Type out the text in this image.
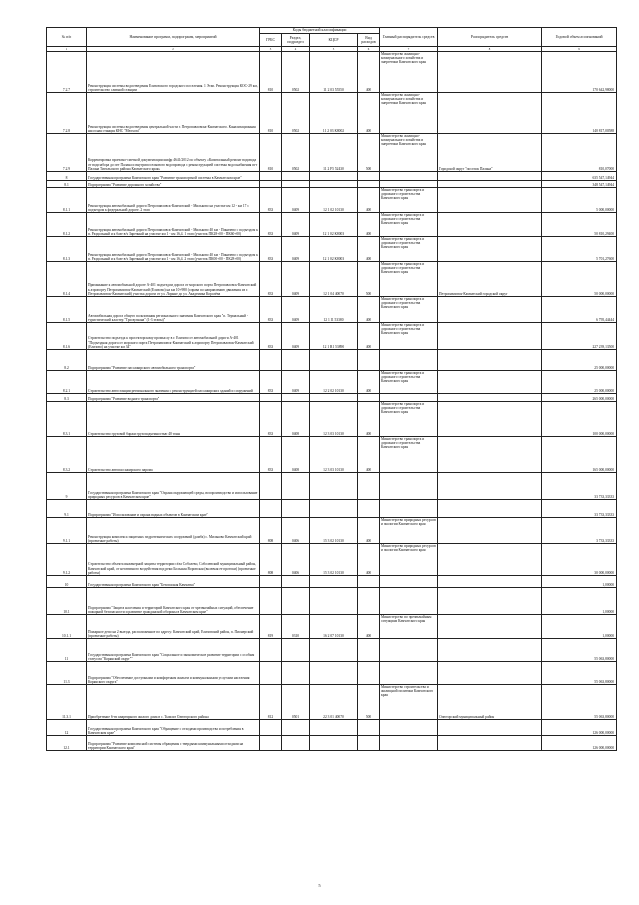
№ п/п	Наименование программ, подпрограмм, мероприятий	Коды бюджетной классификации				Главный распорядитель средств	Распорядитель средств	Годовой объем ассигнований
		ГРБС	Раздел, подраздел	КЦСР	Вид расходов			
1	2	3	4	5	6	7	8	9
7.2.7	Реконструкция системы водоотведения Елизовского городского поселения. 1 Этап. Реконструкция КОС-29 км, строительство сливной станции	810	0502	11 2 03 55550	400	Министерство жилищно-коммунального хозяйства и энергетики Камчатского края		170 642,98000
7.2.8	Реконструкция системы водоотведения центральной части г. Петропавловска-Камчатского. Канализационная насосная станция КНС "Мелхоза"	810	0502	11 2 03 К8002	400	Министерство жилищно-коммунального хозяйства и энергетики Камчатского края		140 817,00588
7.2.9	Корректировка проектно-сметной документации шифр 4641/2012 по объекту «Капитальный ремонт водовода от водозабора до пгт Палана и внутрипоселкового водопровода с реконструкцией системы водоснабжения пгт Палана Тигильского района Камчатского края»	810	0502	11 2 F5 52430	500	Министерство жилищно-коммунального хозяйства и энергетики Камчатского края	Городской округ "поселок Палана"	810,07000
8	Государственная программа Камчатского края "Развитие транспортной системы в Камчатском крае"							635 547,14944
8.1	Подпрограмма "Развитие дорожного хозяйства"							348 547,14944
8.1.1	Реконструкция автомобильной дороги Петропавловск-Камчатский - Мильково на участке км 12 - км 17 с подъездом к федеральной дороге. 2 этап	833	0409	12 1 02 10130	400	Министерство транспорта и дорожного строительства Камчатского края		5 000,00000
8.1.2	Реконструкция автомобильной дороги Петропавловск-Камчатский - Мильково 40 км - Пиначево с подъездом к п. Раздольный и к базе в/ч Заречный на участке км 1 - км 16,4. 1 этап (участок ПК28+00 - ПК60+00)	833	0409	12 1 02 К8003	400	Министерство транспорта и дорожного строительства Камчатского края		50 810,29400
8.1.3	Реконструкция автомобильной дороги Петропавловск-Камчатский - Мильково 40 км - Пиначево с подъездом к п. Раздольный и к базе в/ч Заречный на участке км 1 - км 16,4. 2 этап (участок ПК00+00 - ПК28+00)	833	0409	12 1 02 К8003	400	Министерство транспорта и дорожного строительства Камчатского края		5 701,27600
8.1.4	Примыкание к автомобильной дороге А-401 подъездом дорога от морского порта Петропавловск-Камчатский к аэропорту Петропавловск-Камчатский (Елизово) на км 10+980 (справа по направлению движения из г. Петропавловск-Камчатский) участка дороги от ул. Лорнне до ул. Академика Королёва	833	0409	12 1 04 40070	500	Министерство транспорта и дорожного строительства Камчатского края	Петропавловск-Камчатский городской округ	50 000,00000
8.1.5	Автомобильная дорога общего пользования регионального значения Камчатского края "п. Термальный - туристический кластер "Три вулкана" (1-3 этапы)"	833	0409	12 1 I1 53380	400	Министерство транспорта и дорожного строительства Камчатского края		6 795,44444
8.1.6	Строительство подъезда к просекторскому промыслу в г. Елизово от автомобильной дороги А-401 "Подъездная дорога от морского порта Петропавловск-Камчатский к аэропорту Петропавловск-Камчатский (Елизово) на участке км 34"	833	0409	12 1 R1 53890	400	Министерство транспорта и дорожного строительства Камчатского края		227 239,13500
8.2	Подпрограмма "Развитие пассажирского автомобильного транспорта"							25 000,00000
8.2.1	Строительство автостанции регионального значения с реконструкцией пассажирских зданий и сооружений	833	0409	12 2 02 10130	400	Министерство транспорта и дорожного строительства Камчатского края		25 000,00000
8.3	Подпрограмма "Развитие водного транспорта"							265 000,00000
8.3.1	Строительство грузовой баржи грузоподъемностью 40 тонн	833	0408	12 3 03 10130	400	Министерство транспорта и дорожного строительства Камчатского края		100 000,00000
8.3.2	Строительство автопассажирского парома	833	0408	12 3 03 10130	400	Министерство транспорта и дорожного строительства Камчатского края		165 000,00000
9	Государственная программа Камчатского края "Охрана окружающей среды, воспроизводство и использование природных ресурсов в Камчатском крае"							33 733,33333
9.1	Подпрограмма "Использование и охрана водных объектов в Камчатском крае"							33 733,33333
9.1.1	Реконструкция комплекса защитных гидротехнических сооружений (дамба) с. Мильково Камчатский край (проектные работы)	808	0406	15 3 02 10130	400	Министерство природных ресурсов и экологии Камчатского края		3 733,33333
9.1.2	Строительство объекта инженерной защиты территории сёла Соболево, Соболевский муниципальный район, Камчатский край, от негативного воздействия вод реки Большая Воровская (включая ее протоки) (проектные работы)	808	0406	15 3 02 10130	400	Министерство природных ресурсов и экологии Камчатского края		30 000,00000
10	Государственная программа Камчатского края "Безопасная Камчатка"							1,00000
10.1	Подпрограмма "Защита населения и территорий Камчатского края от чрезвычайных ситуаций, обеспечение пожарной безопасности и развитие гражданской обороны в Камчатском крае"							1,00000
10.1.1	Пожарное депо на 2 выезда, расположенное по адресу: Камчатский край, Елизовский район, п. Пионерский (проектные работы)	819	0310	16 2 07 10130	400	Министерство по чрезвычайным ситуациям Камчатского края		1,00000
11	Государственная программа Камчатского края "Социальное и экономическое развитие территории с особым статусом "Корякский округ""							55 063,80000
11.3	Подпрограмма "Обеспечение доступными и комфортным жильем и коммунальными услугами населения Корякского округа"							55 063,80000
11.3.1	Приобретение 6-ти квартирного жилого дома в с. Тымлат Олюторского района	812	0501	22 3 01 40070	500	Министерство строительства и жилищной политики Камчатского края	Олюторский муниципальный район	55 063,80000
12	Государственная программа Камчатского края "Обращение с отходами производства и потребления в Камчатском крае"							126 000,00000
12.1	Подпрограмма "Развитие комплексной системы обращения с твердыми коммунальными отходами на территории Камчатского края"							126 000,00000
5
